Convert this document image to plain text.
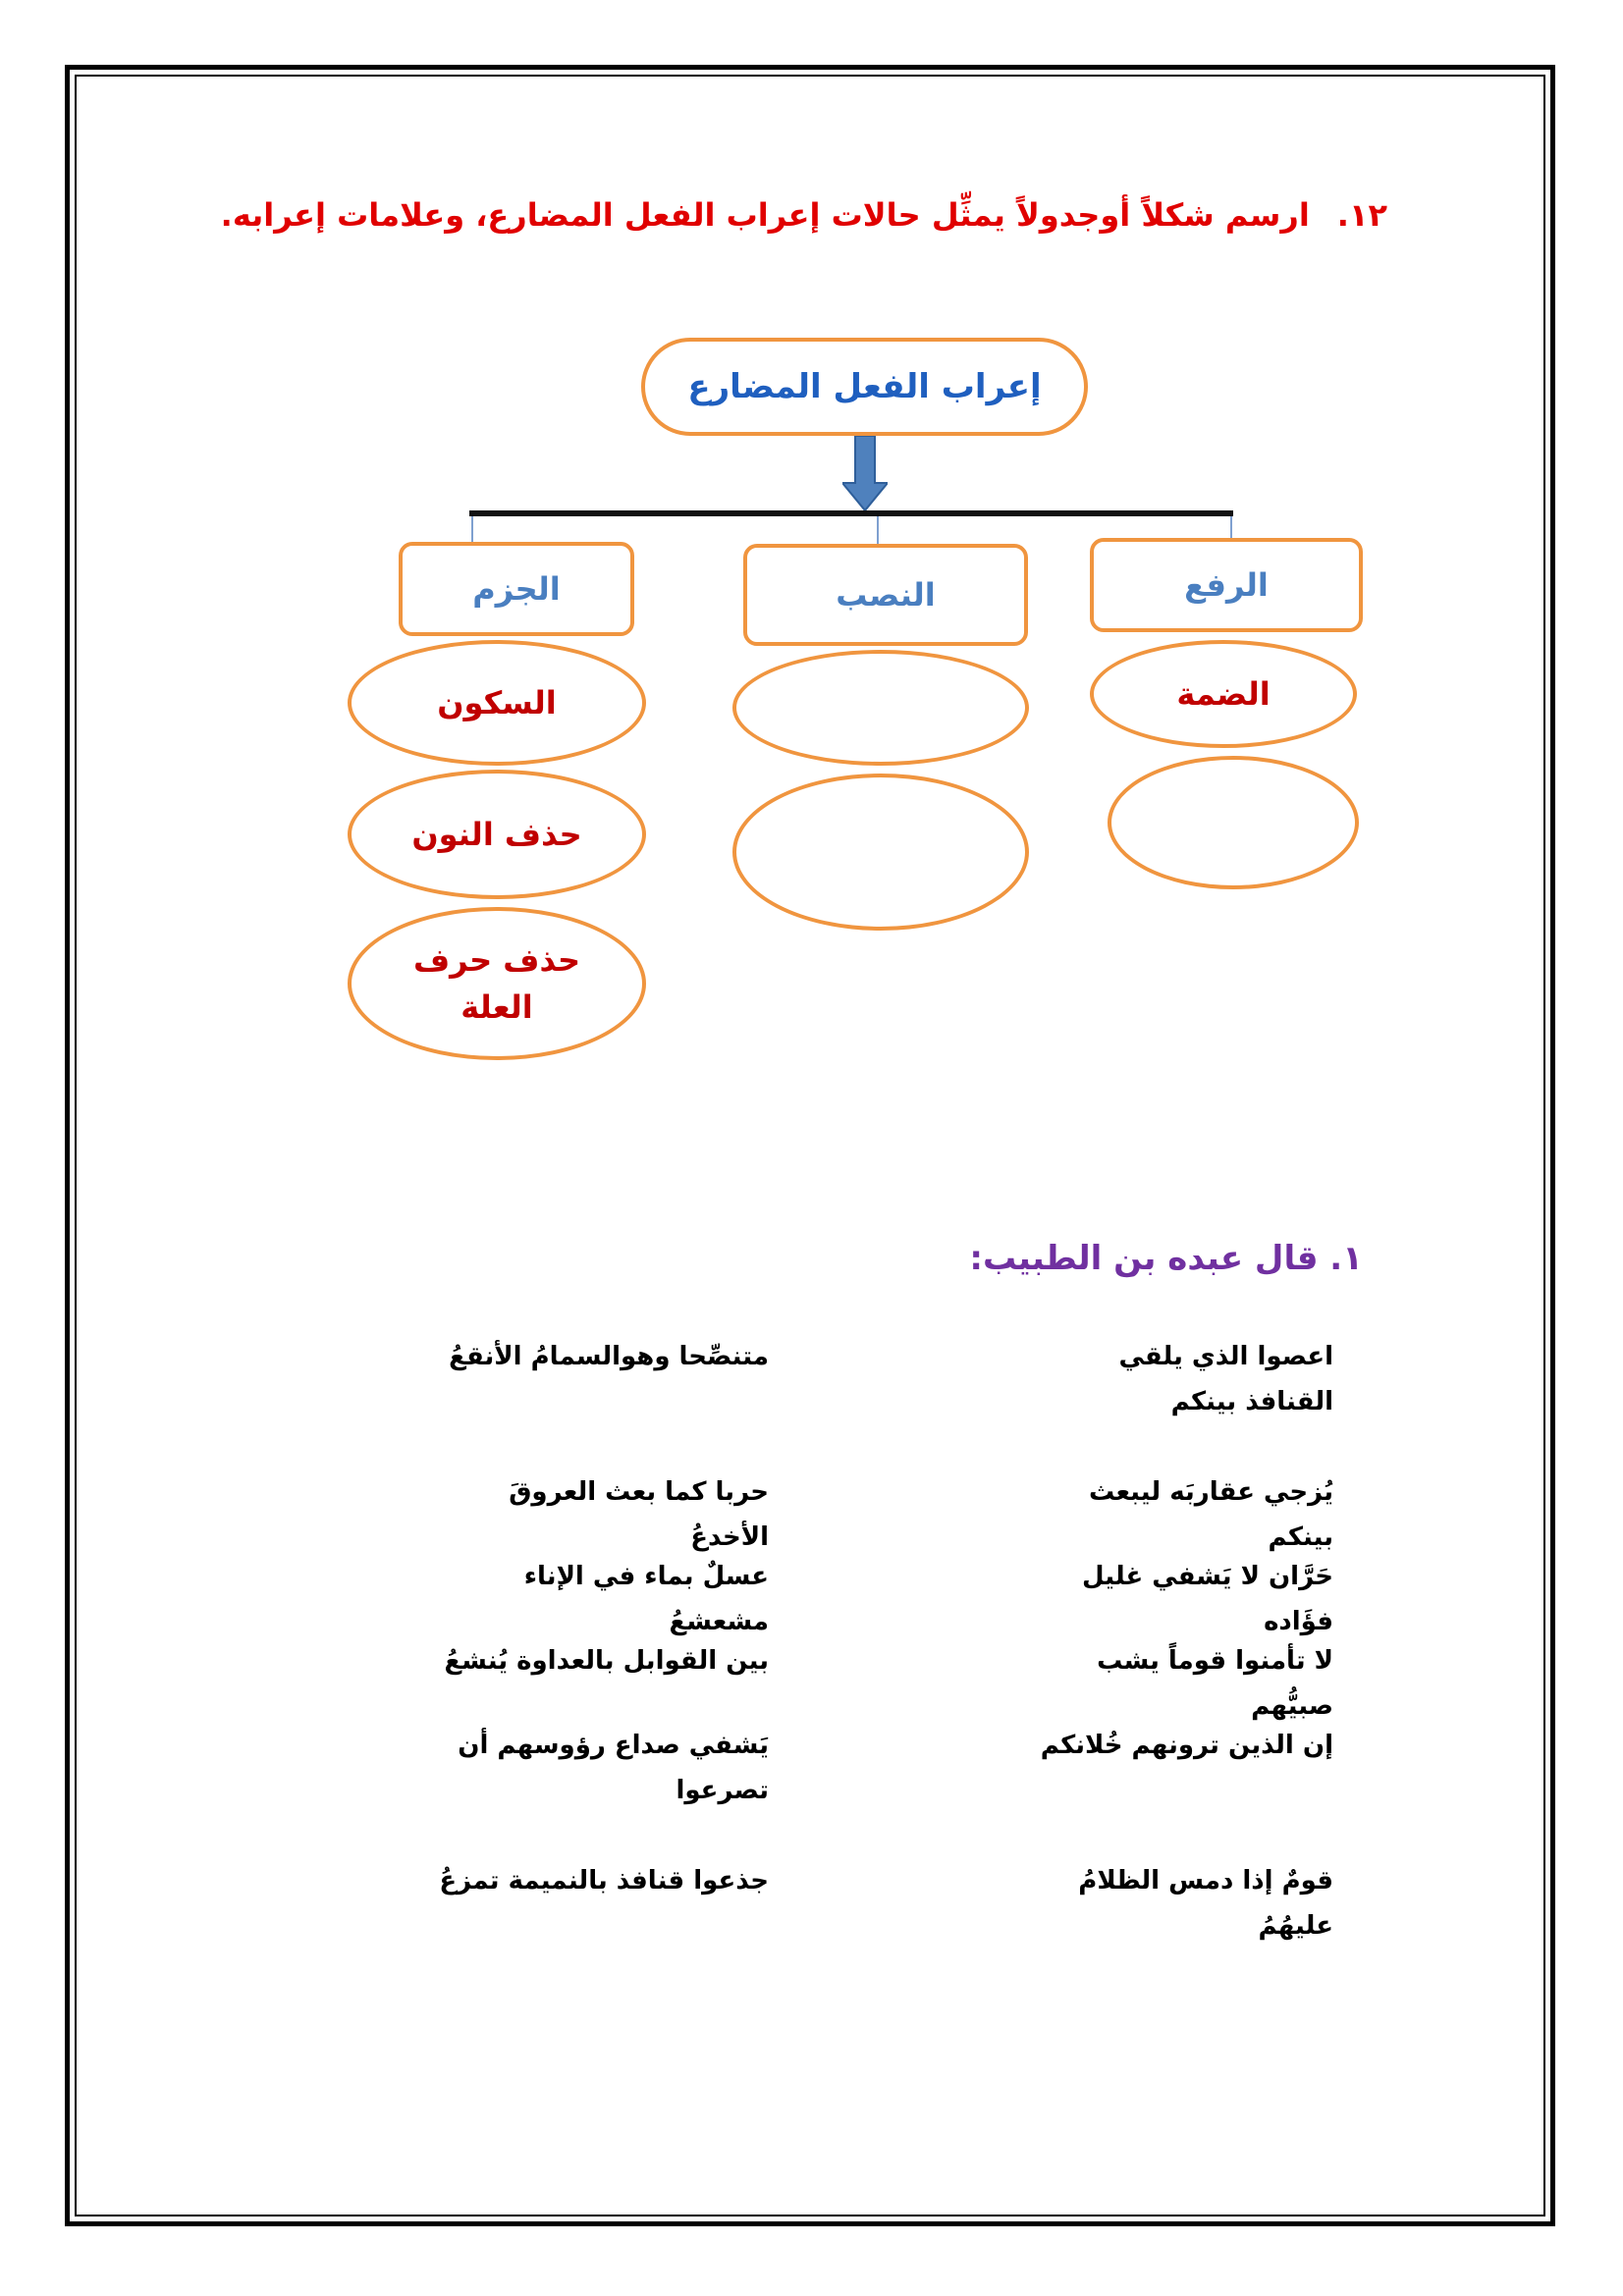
١٢.ارسم شكلاً أوجدولاً يمثِّل حالات إعراب الفعل المضارع، وعلامات إعرابه.
إعراب الفعل المضارع
الرفع
النصب
الجزم
الضمة
السكون
حذف النون
حذف حرف العلة
١. قال عبده بن الطبيب:
اعصوا الذي يلقي القنافذ بينكم
متنصِّحا وهوالسمامُ الأنقعُ
يُزجي عقاربَه ليبعث بينكم
حربا كما بعث العروقَ الأخدعُ
حَرَّان لا يَشفي غليل فؤَاده
عسلٌ بماء في الإناء مشعشعُ
لا تأمنوا قوماً يشب صبيُّهم
بين القوابل بالعداوة يُنشعُ
إن الذين ترونهم خُلانكم
يَشفي صداع رؤوسهم أن تصرعوا
قومٌ إذا دمس الظلامُ عليهُمُ
جذعوا قنافذ بالنميمة تمزعُ
